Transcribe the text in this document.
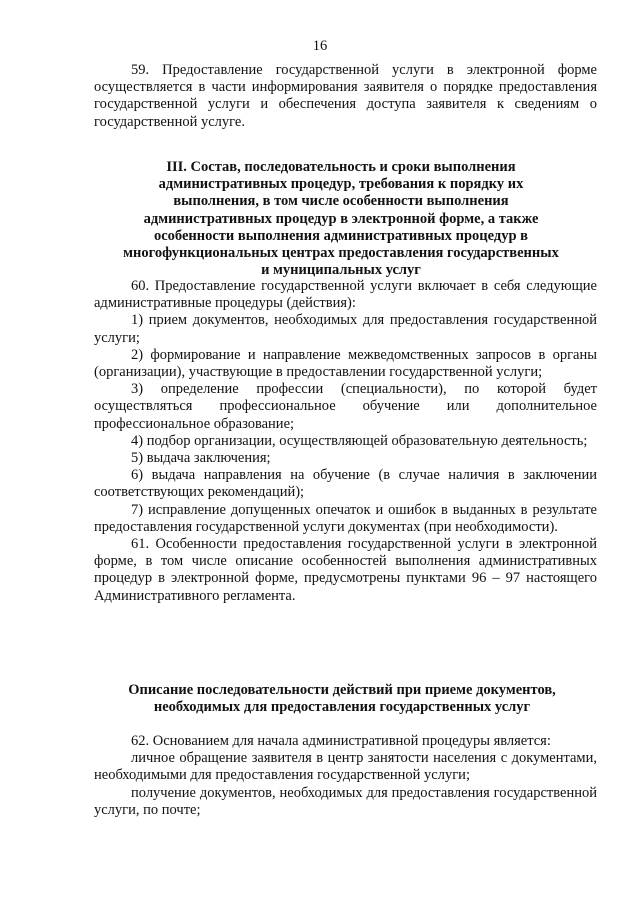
16

59. Предоставление государственной услуги в электронной форме осуществляется в части информирования заявителя о порядке предоставления государственной услуги и обеспечения доступа заявителя к сведениям о государственной услуге.

III. Состав, последовательность и сроки выполнения административных процедур, требования к порядку их выполнения, в том числе особенности выполнения административных процедур в электронной форме, а также особенности выполнения административных процедур в многофункциональных центрах предоставления государственных и муниципальных услуг

60. Предоставление государственной услуги включает в себя следующие административные процедуры (действия):

1) прием документов, необходимых для предоставления государственной услуги;

2) формирование и направление межведомственных запросов в органы (организации), участвующие в предоставлении государственной услуги;

3) определение профессии (специальности), по которой будет осуществляться профессиональное обучение или дополнительное профессиональное образование;

4) подбор организации, осуществляющей образовательную деятельность;

5) выдача заключения;

6) выдача направления на обучение (в случае наличия в заключении соответствующих рекомендаций);

7) исправление допущенных опечаток и ошибок в выданных в результате предоставления государственной услуги документах (при необходимости).

61. Особенности предоставления государственной услуги в электронной форме, в том числе описание особенностей выполнения административных процедур в электронной форме, предусмотрены пунктами 96 – 97 настоящего Административного регламента.

Описание последовательности действий при приеме документов, необходимых для предоставления государственных услуг

62. Основанием для начала административной процедуры является:

личное обращение заявителя в центр занятости населения с документами, необходимыми для предоставления государственной услуги;

получение документов, необходимых для предоставления государственной услуги, по почте;
